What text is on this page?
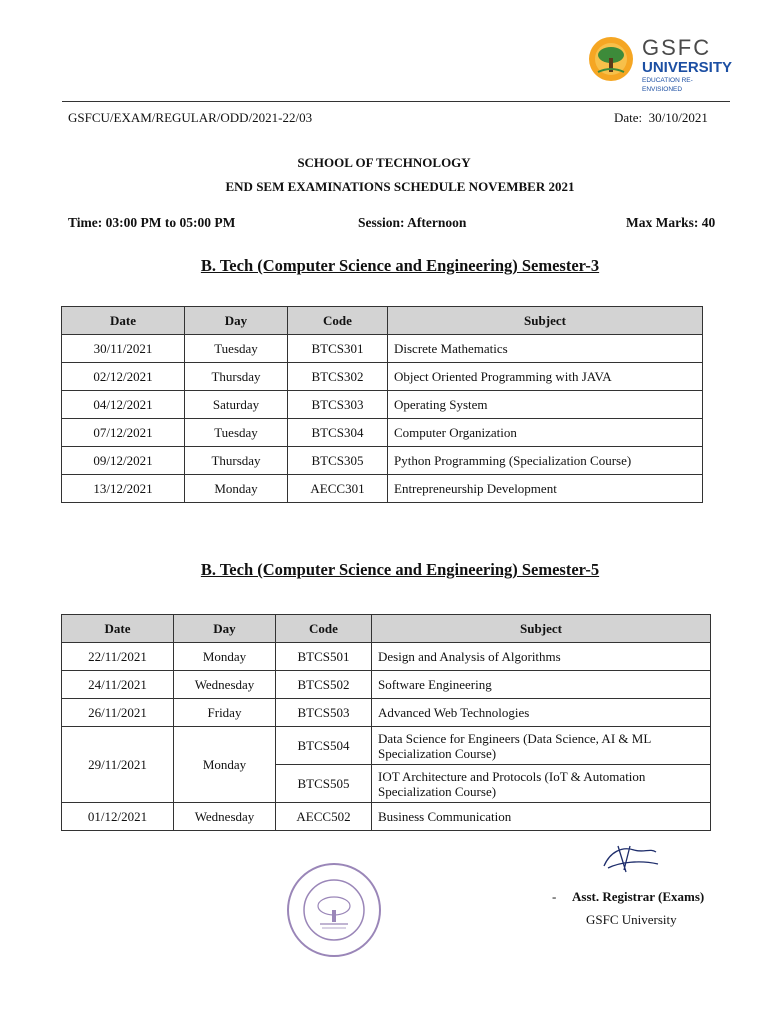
GSFC
UNIVERSITY
EDUCATION RE-ENVISIONED
GSFCU/EXAM/REGULAR/ODD/2021-22/03	Date: 30/10/2021
SCHOOL OF TECHNOLOGY
END SEM EXAMINATIONS SCHEDULE NOVEMBER 2021
Time: 03:00 PM to 05:00 PM	Session: Afternoon	Max Marks: 40
B. Tech (Computer Science and Engineering) Semester-3
Date	Day	Code	Subject
30/11/2021	Tuesday	BTCS301	Discrete Mathematics
02/12/2021	Thursday	BTCS302	Object Oriented Programming with JAVA
04/12/2021	Saturday	BTCS303	Operating System
07/12/2021	Tuesday	BTCS304	Computer Organization
09/12/2021	Thursday	BTCS305	Python Programming (Specialization Course)
13/12/2021	Monday	AECC301	Entrepreneurship Development
B. Tech (Computer Science and Engineering) Semester-5
Date	Day	Code	Subject
22/11/2021	Monday	BTCS501	Design and Analysis of Algorithms
24/11/2021	Wednesday	BTCS502	Software Engineering
26/11/2021	Friday	BTCS503	Advanced Web Technologies
29/11/2021	Monday	BTCS504	Data Science for Engineers (Data Science, AI & ML
Specialization Course)
		BTCS505	IOT Architecture and Protocols (IoT & Automation
Specialization Course)
01/12/2021	Wednesday	AECC502	Business Communication
- Asst. Registrar (Exams)
GSFC University
